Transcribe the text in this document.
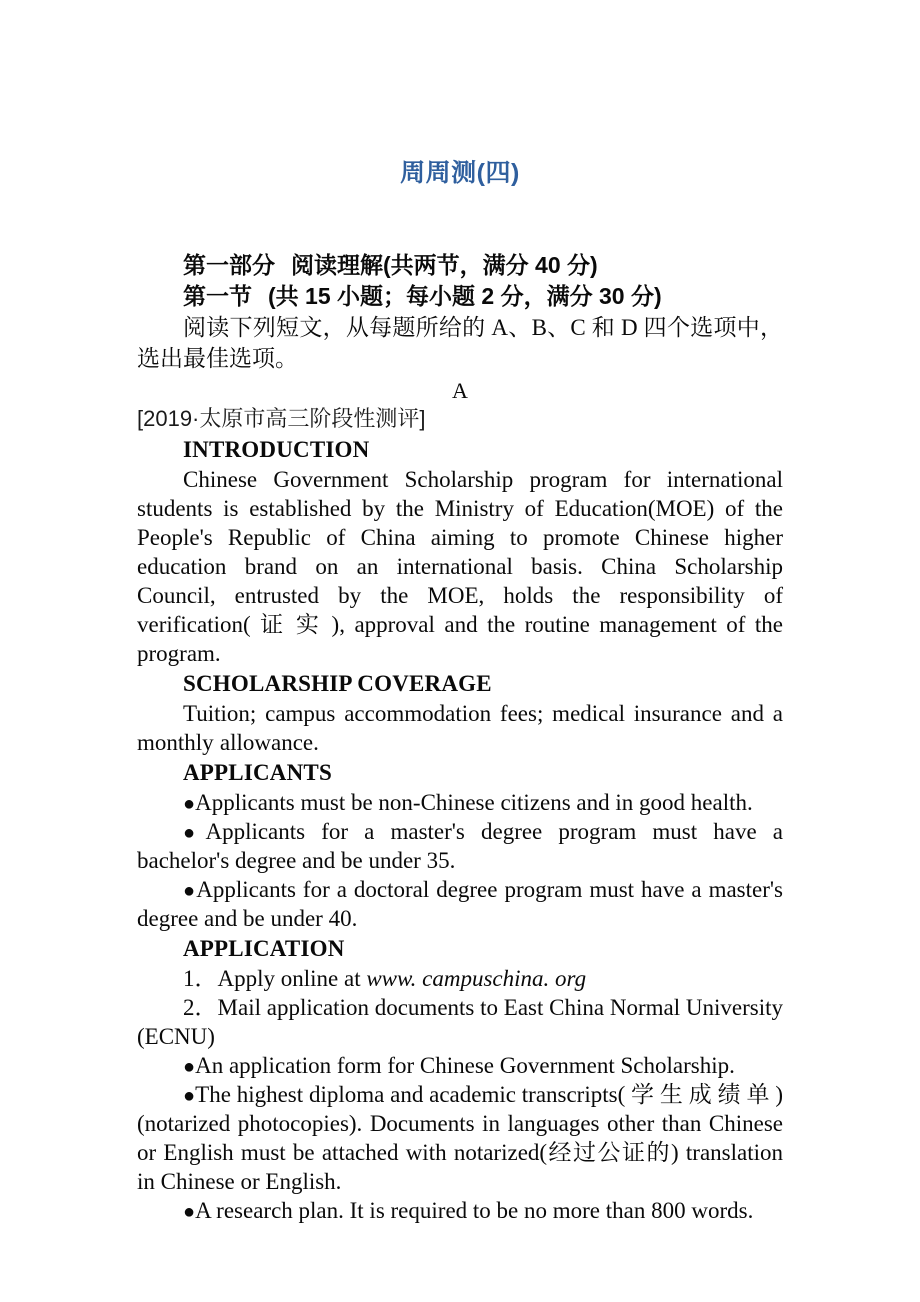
周周测(四)

第一部分 阅读理解(共两节，满分 40 分)

第一节 (共 15 小题；每小题 2 分，满分 30 分)

阅读下列短文，从每题所给的 A、B、C 和 D 四个选项中，选出最佳选项。

A

[2019·太原市高三阶段性测评]

INTRODUCTION

Chinese Government Scholarship program for international students is established by the Ministry of Education(MOE) of the People's Republic of China aiming to promote Chinese higher education brand on an international basis. China Scholarship Council, entrusted by the MOE, holds the responsibility of verification( 证 实 ), approval and the routine management of the program.

SCHOLARSHIP COVERAGE

Tuition; campus accommodation fees; medical insurance and a monthly allowance.

APPLICANTS

●Applicants must be non-Chinese citizens and in good health.

●Applicants for a master's degree program must have a bachelor's degree and be under 35.

●Applicants for a doctoral degree program must have a master's degree and be under 40.

APPLICATION

1．Apply online at www. campuschina. org

2．Mail application documents to East China Normal University (ECNU)

●An application form for Chinese Government Scholarship.

●The highest diploma and academic transcripts( 学 生 成 绩 单 )(notarized photocopies). Documents in languages other than Chinese or English must be attached with notarized(经过公证的) translation in Chinese or English.

●A research plan. It is required to be no more than 800 words.
